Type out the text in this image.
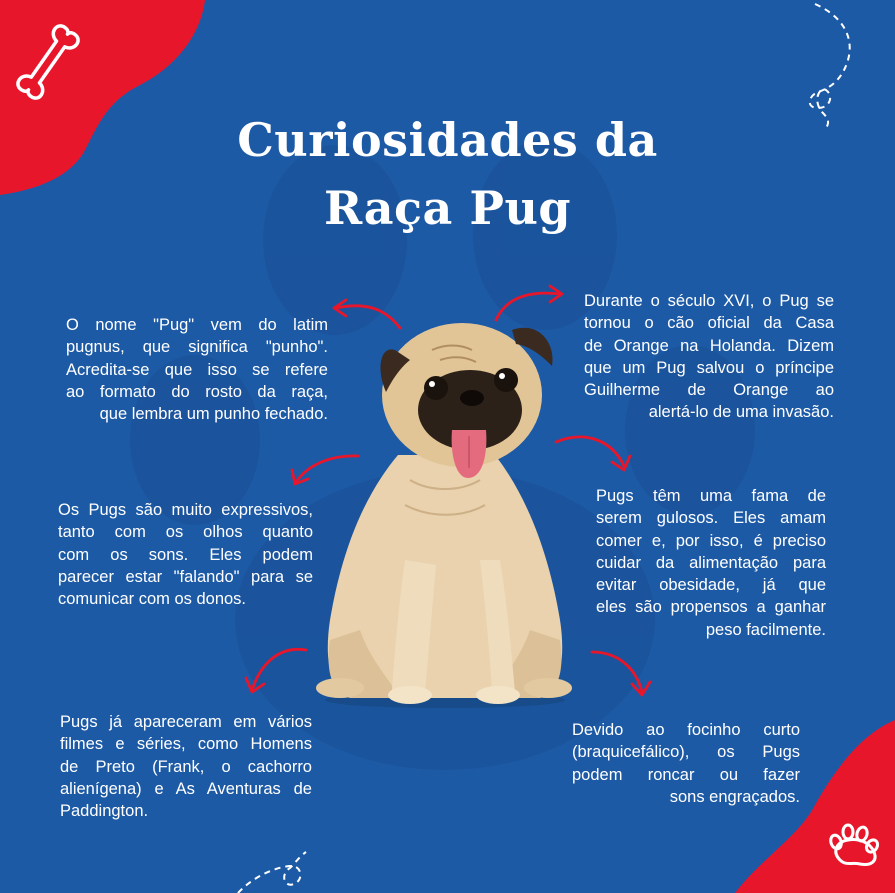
Curiosidades da
Raça Pug
O nome "Pug" vem do latim
pugnus, que significa "punho".
Acredita-se que isso se refere
ao formato do rosto da raça,
que lembra um punho fechado.
Durante o século XVI, o Pug se
tornou o cão oficial da Casa
de Orange na Holanda. Dizem
que um Pug salvou o príncipe
Guilherme de Orange ao
alertá-lo de uma invasão.
Os Pugs são muito expressivos,
tanto com os olhos quanto
com os sons. Eles podem
parecer estar "falando" para se
comunicar com os donos.
Pugs têm uma fama de
serem gulosos. Eles amam
comer e, por isso, é preciso
cuidar da alimentação para
evitar obesidade, já que
eles são propensos a ganhar
peso facilmente.
Pugs já apareceram em vários
filmes e séries, como Homens
de Preto (Frank, o cachorro
alienígena) e As Aventuras de
Paddington.
Devido ao focinho curto
(braquicefálico), os Pugs
podem roncar ou fazer
sons engraçados.
